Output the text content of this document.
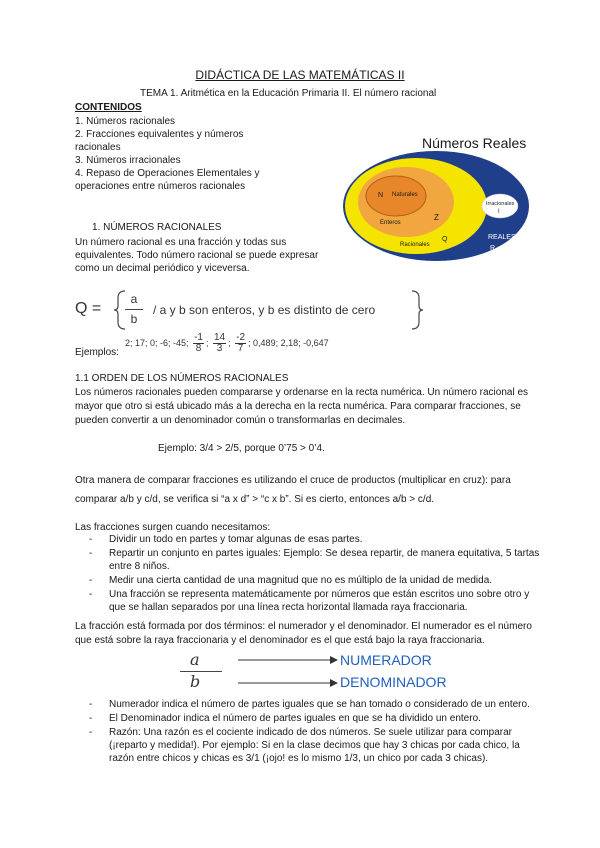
DIDÁCTICA DE LAS MATEMÁTICAS II
TEMA 1. Aritmética en la Educación Primaria II. El número racional
CONTENIDOS
1. Números racionales
2. Fracciones equivalentes y números
racionales
3. Números irracionales
4. Repaso de Operaciones Elementales y
operaciones entre números racionales
Números Reales
N Naturales
Z
Enteros
Q
Racionales
Irracionales
I
REALES
R
1. NÚMEROS RACIONALES
Un número racional es una fracción y todas sus
equivalentes. Todo número racional se puede expresar
como un decimal periódico y viceversa.
Q =
a
b
/ a y b son enteros, y b es distinto de cero
Ejemplos:
2; 17; 0; -6; -45; $\frac{-1}{8}$ ; $\frac{14}{3}$ ; $\frac{-2}{7}$ ; 0,489; 2,18; -0,647
1.1 ORDEN DE LOS NÚMEROS RACIONALES
Los números racionales pueden compararse y ordenarse en la recta numérica. Un número racional es mayor que otro si está ubicado más a la derecha en la recta numérica. Para comparar fracciones, se pueden convertir a un denominador común o transformarlas en decimales.
Ejemplo: 3/4 > 2/5, porque 0’75 > 0’4.
Otra manera de comparar fracciones es utilizando el cruce de productos (multiplicar en cruz): para comparar a/b y c/d, se verifica si “a x d” > “c x b”. Si es cierto, entonces a/b > c/d.
Las fracciones surgen cuando necesitamos:
- Dividir un todo en partes y tomar algunas de esas partes.
- Repartir un conjunto en partes iguales: Ejemplo: Se desea repartir, de manera equitativa, 5 tartas entre 8 niños.
- Medir una cierta cantidad de una magnitud que no es múltiplo de la unidad de medida.
- Una fracción se representa matemáticamente por números que están escritos uno sobre otro y que se hallan separados por una línea recta horizontal llamada raya fraccionaria.
La fracción está formada por dos términos: el numerador y el denominador. El numerador es el número que está sobre la raya fraccionaria y el denominador es el que está bajo la raya fraccionaria.
a
b
NUMERADOR
DENOMINADOR
- Numerador indica el número de partes iguales que se han tomado o considerado de un entero.
- El Denominador indica el número de partes iguales en que se ha dividido un entero.
- Razón: Una razón es el cociente indicado de dos números. Se suele utilizar para comparar (¡reparto y medida!). Por ejemplo: Si en la clase decimos que hay 3 chicas por cada chico, la razón entre chicos y chicas es 3/1 (¡ojo! es lo mismo 1/3, un chico por cada 3 chicas).
